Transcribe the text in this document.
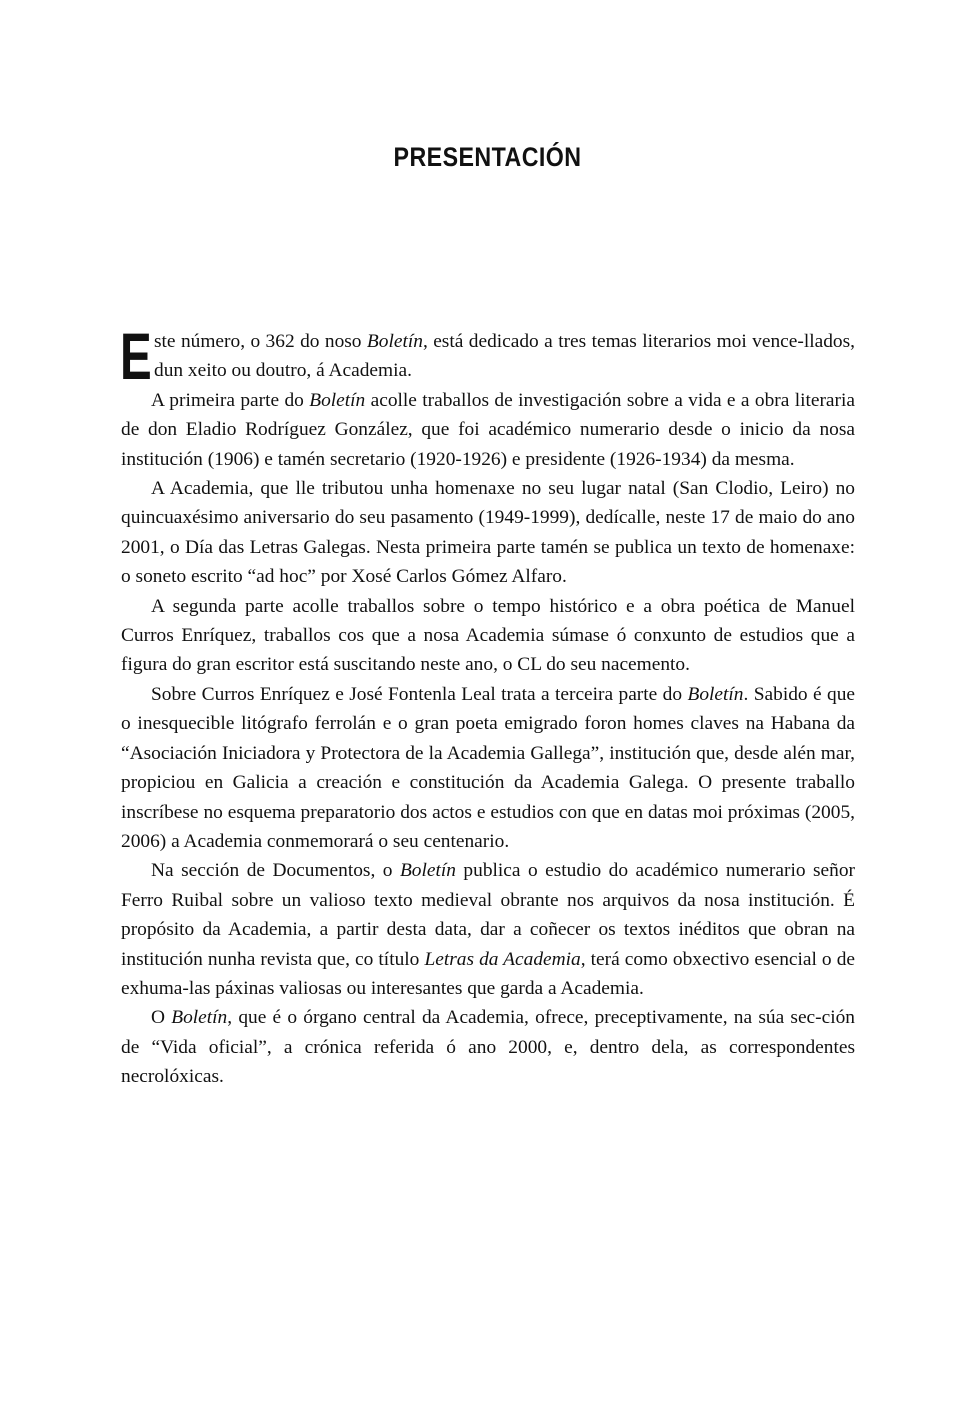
PRESENTACIÓN

Este número, o 362 do noso Boletín, está dedicado a tres temas literarios moi vence-llados, dun xeito ou doutro, á Academia.

A primeira parte do Boletín acolle traballos de investigación sobre a vida e a obra literaria de don Eladio Rodríguez González, que foi académico numerario desde o inicio da nosa institución (1906) e tamén secretario (1920-1926) e presidente (1926-1934) da mesma.

A Academia, que lle tributou unha homenaxe no seu lugar natal (San Clodio, Leiro) no quincuaxésimo aniversario do seu pasamento (1949-1999), dedícalle, neste 17 de maio do ano 2001, o Día das Letras Galegas. Nesta primeira parte tamén se publica un texto de homenaxe: o soneto escrito “ad hoc” por Xosé Carlos Gómez Alfaro.

A segunda parte acolle traballos sobre o tempo histórico e a obra poética de Manuel Curros Enríquez, traballos cos que a nosa Academia súmase ó conxunto de estudios que a figura do gran escritor está suscitando neste ano, o CL do seu nacemento.

Sobre Curros Enríquez e José Fontenla Leal trata a terceira parte do Boletín. Sabido é que o inesquecible litógrafo ferrolán e o gran poeta emigrado foron homes claves na Habana da “Asociación Iniciadora y Protectora de la Academia Gallega”, institución que, desde alén mar, propiciou en Galicia a creación e constitución da Academia Galega. O presente traballo inscríbese no esquema preparatorio dos actos e estudios con que en datas moi próximas (2005, 2006) a Academia conmemorará o seu centenario.

Na sección de Documentos, o Boletín publica o estudio do académico numerario señor Ferro Ruibal sobre un valioso texto medieval obrante nos arquivos da nosa institución. É propósito da Academia, a partir desta data, dar a coñecer os textos inéditos que obran na institución nunha revista que, co título Letras da Academia, terá como obxectivo esencial o de exhuma-las páxinas valiosas ou interesantes que garda a Academia.

O Boletín, que é o órgano central da Academia, ofrece, preceptivamente, na súa sec-ción de “Vida oficial”, a crónica referida ó ano 2000, e, dentro dela, as correspondentes necrolóxicas.
